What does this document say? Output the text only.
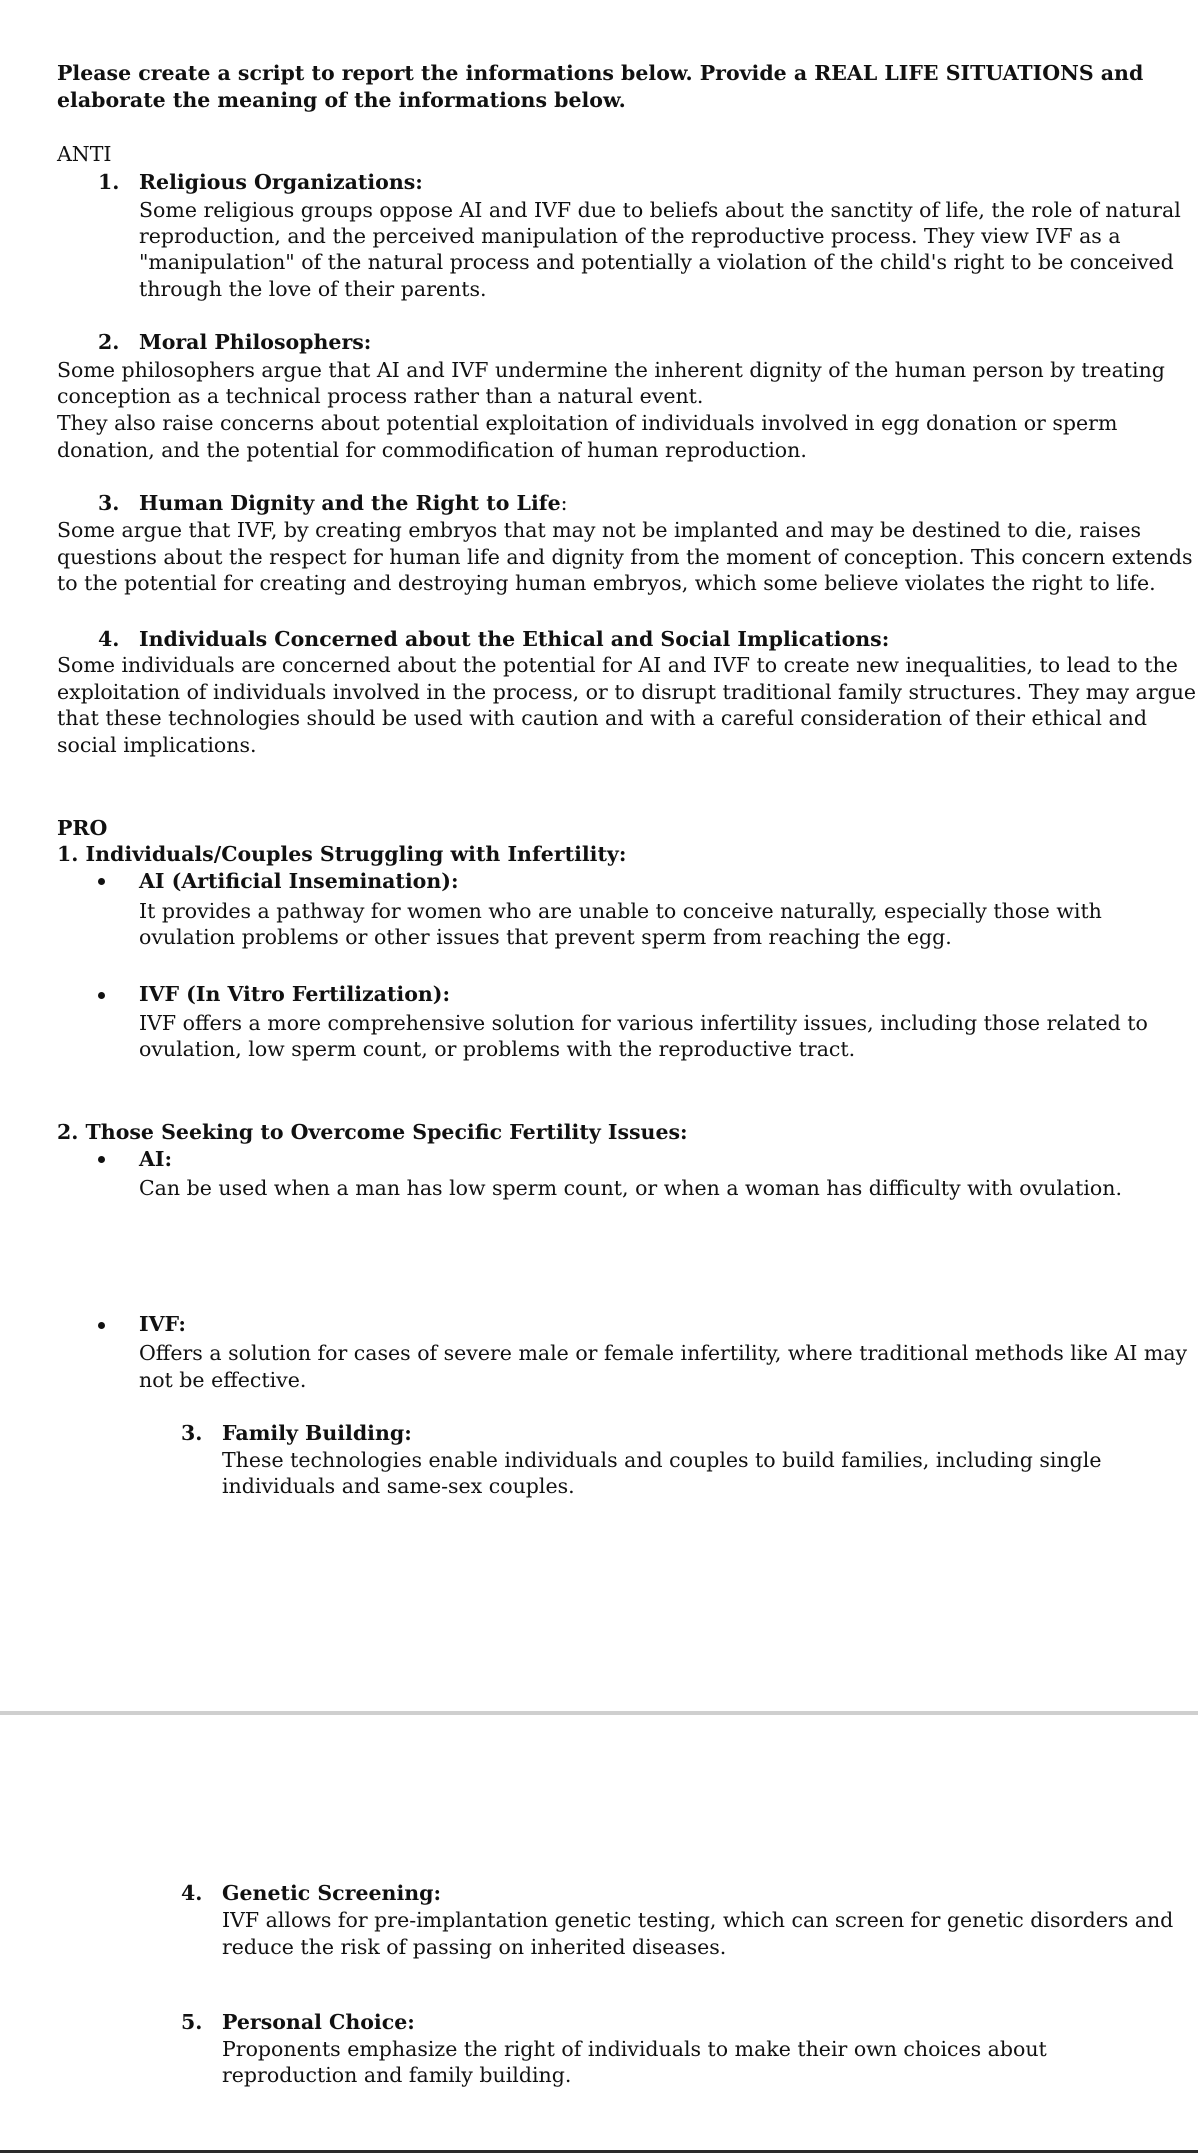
Please create a script to report the informations below. Provide a REAL LIFE SITUATIONS and

elaborate the meaning of the informations below.

ANTI

1. Religious Organizations:

Some religious groups oppose AI and IVF due to beliefs about the sanctity of life, the role of natural

reproduction, and the perceived manipulation of the reproductive process. They view IVF as a

"manipulation" of the natural process and potentially a violation of the child's right to be conceived

through the love of their parents.

2. Moral Philosophers:

Some philosophers argue that AI and IVF undermine the inherent dignity of the human person by treating

conception as a technical process rather than a natural event.

They also raise concerns about potential exploitation of individuals involved in egg donation or sperm

donation, and the potential for commodification of human reproduction.

3. Human Dignity and the Right to Life:

Some argue that IVF, by creating embryos that may not be implanted and may be destined to die, raises

questions about the respect for human life and dignity from the moment of conception. This concern extends

to the potential for creating and destroying human embryos, which some believe violates the right to life.

4. Individuals Concerned about the Ethical and Social Implications:

Some individuals are concerned about the potential for AI and IVF to create new inequalities, to lead to the

exploitation of individuals involved in the process, or to disrupt traditional family structures. They may argue

that these technologies should be used with caution and with a careful consideration of their ethical and

social implications.

PRO

1. Individuals/Couples Struggling with Infertility:

AI (Artificial Insemination):

It provides a pathway for women who are unable to conceive naturally, especially those with

ovulation problems or other issues that prevent sperm from reaching the egg.

IVF (In Vitro Fertilization):

IVF offers a more comprehensive solution for various infertility issues, including those related to

ovulation, low sperm count, or problems with the reproductive tract.

2. Those Seeking to Overcome Specific Fertility Issues:

AI:

Can be used when a man has low sperm count, or when a woman has difficulty with ovulation.

IVF:

Offers a solution for cases of severe male or female infertility, where traditional methods like AI may

not be effective.

3. Family Building:

These technologies enable individuals and couples to build families, including single

individuals and same-sex couples.

4. Genetic Screening:

IVF allows for pre-implantation genetic testing, which can screen for genetic disorders and

reduce the risk of passing on inherited diseases.

5. Personal Choice:

Proponents emphasize the right of individuals to make their own choices about

reproduction and family building.
